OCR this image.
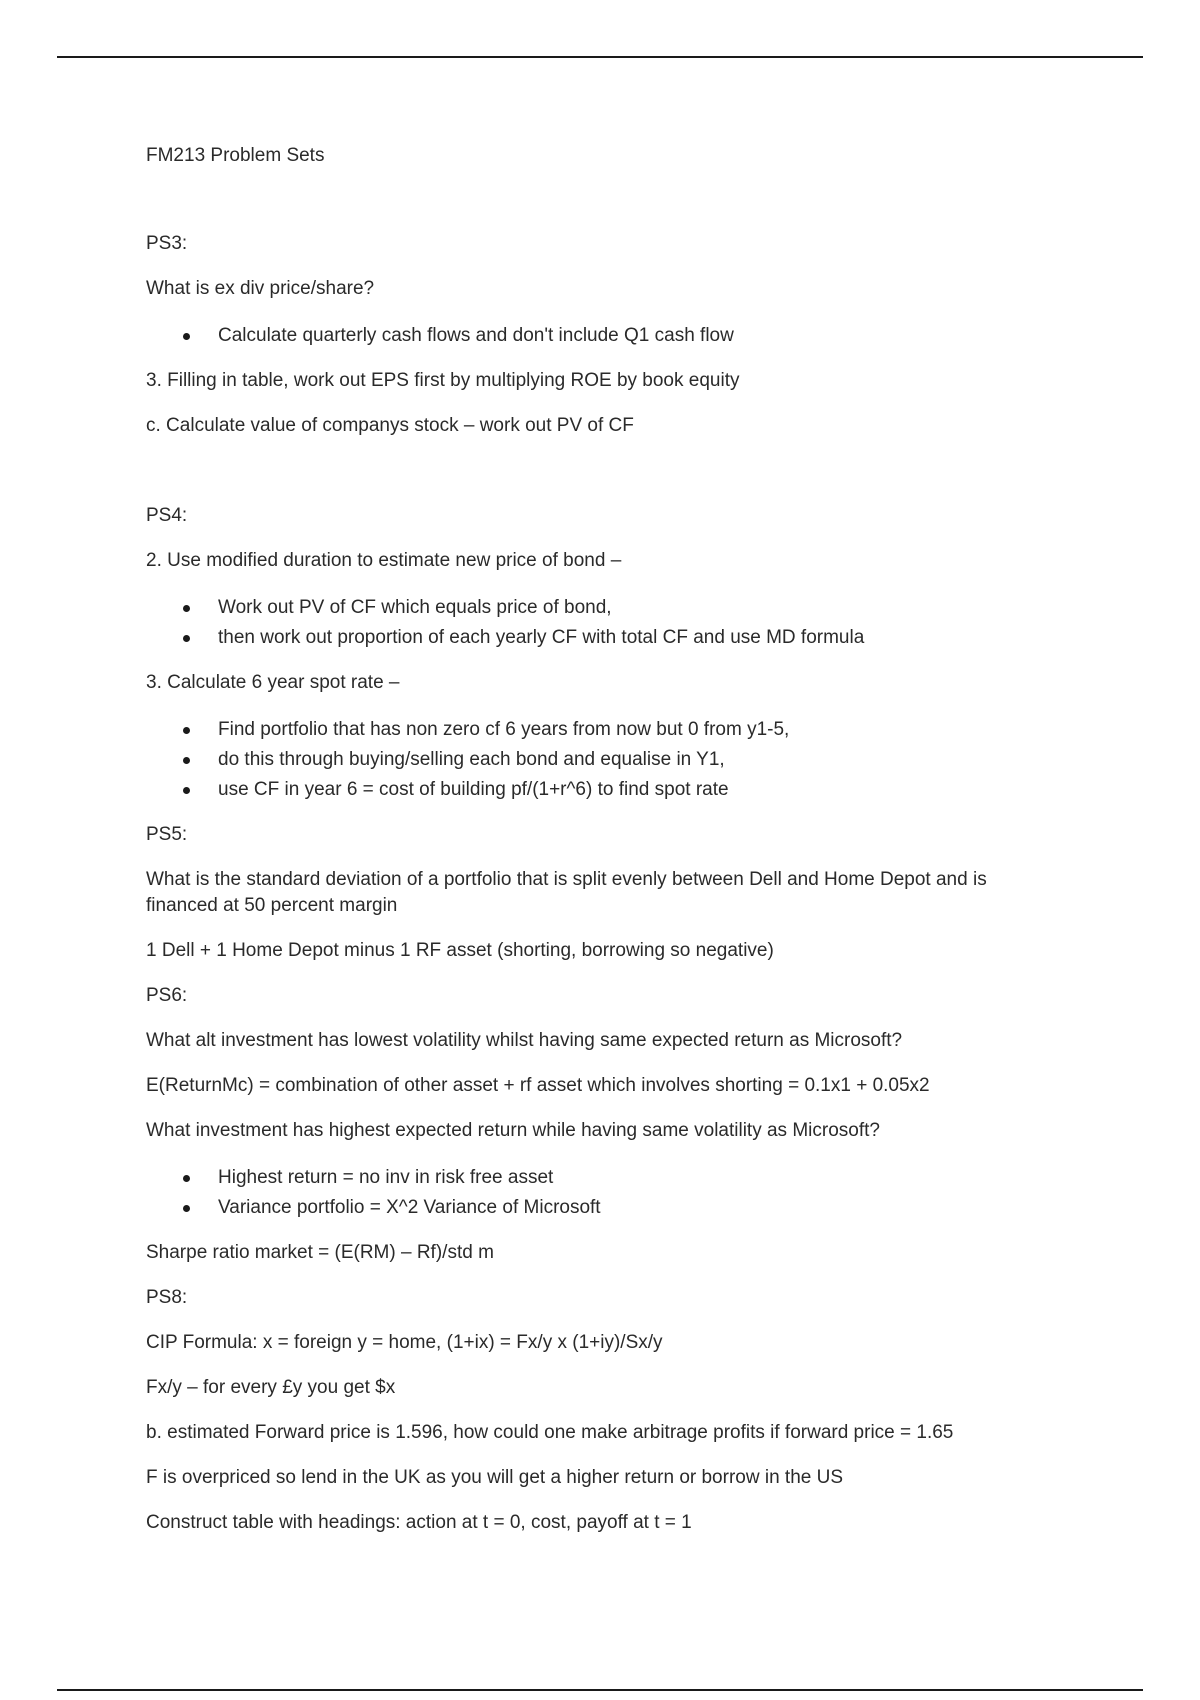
FM213 Problem Sets

PS3:

What is ex div price/share?

Calculate quarterly cash flows and don't include Q1 cash flow

3. Filling in table, work out EPS first by multiplying ROE by book equity

c. Calculate value of companys stock – work out PV of CF

PS4:

2. Use modified duration to estimate new price of bond –

Work out PV of CF which equals price of bond,
then work out proportion of each yearly CF with total CF and use MD formula

3. Calculate 6 year spot rate –

Find portfolio that has non zero cf 6 years from now but 0 from y1-5,
do this through buying/selling each bond and equalise in Y1,
use CF in year 6 = cost of building pf/(1+r^6) to find spot rate

PS5:

What is the standard deviation of a portfolio that is split evenly between Dell and Home Depot and is

financed at 50 percent margin

1 Dell + 1 Home Depot minus 1 RF asset (shorting, borrowing so negative)

PS6:

What alt investment has lowest volatility whilst having same expected return as Microsoft?

E(ReturnMc) = combination of other asset + rf asset which involves shorting = 0.1x1 + 0.05x2

What investment has highest expected return while having same volatility as Microsoft?

Highest return = no inv in risk free asset
Variance portfolio = X^2 Variance of Microsoft

Sharpe ratio market = (E(RM) – Rf)/std m

PS8:

CIP Formula: x = foreign y = home, (1+ix) = Fx/y x (1+iy)/Sx/y

Fx/y – for every £y you get $x

b. estimated Forward price is 1.596, how could one make arbitrage profits if forward price = 1.65

F is overpriced so lend in the UK as you will get a higher return or borrow in the US

Construct table with headings: action at t = 0, cost, payoff at t = 1
